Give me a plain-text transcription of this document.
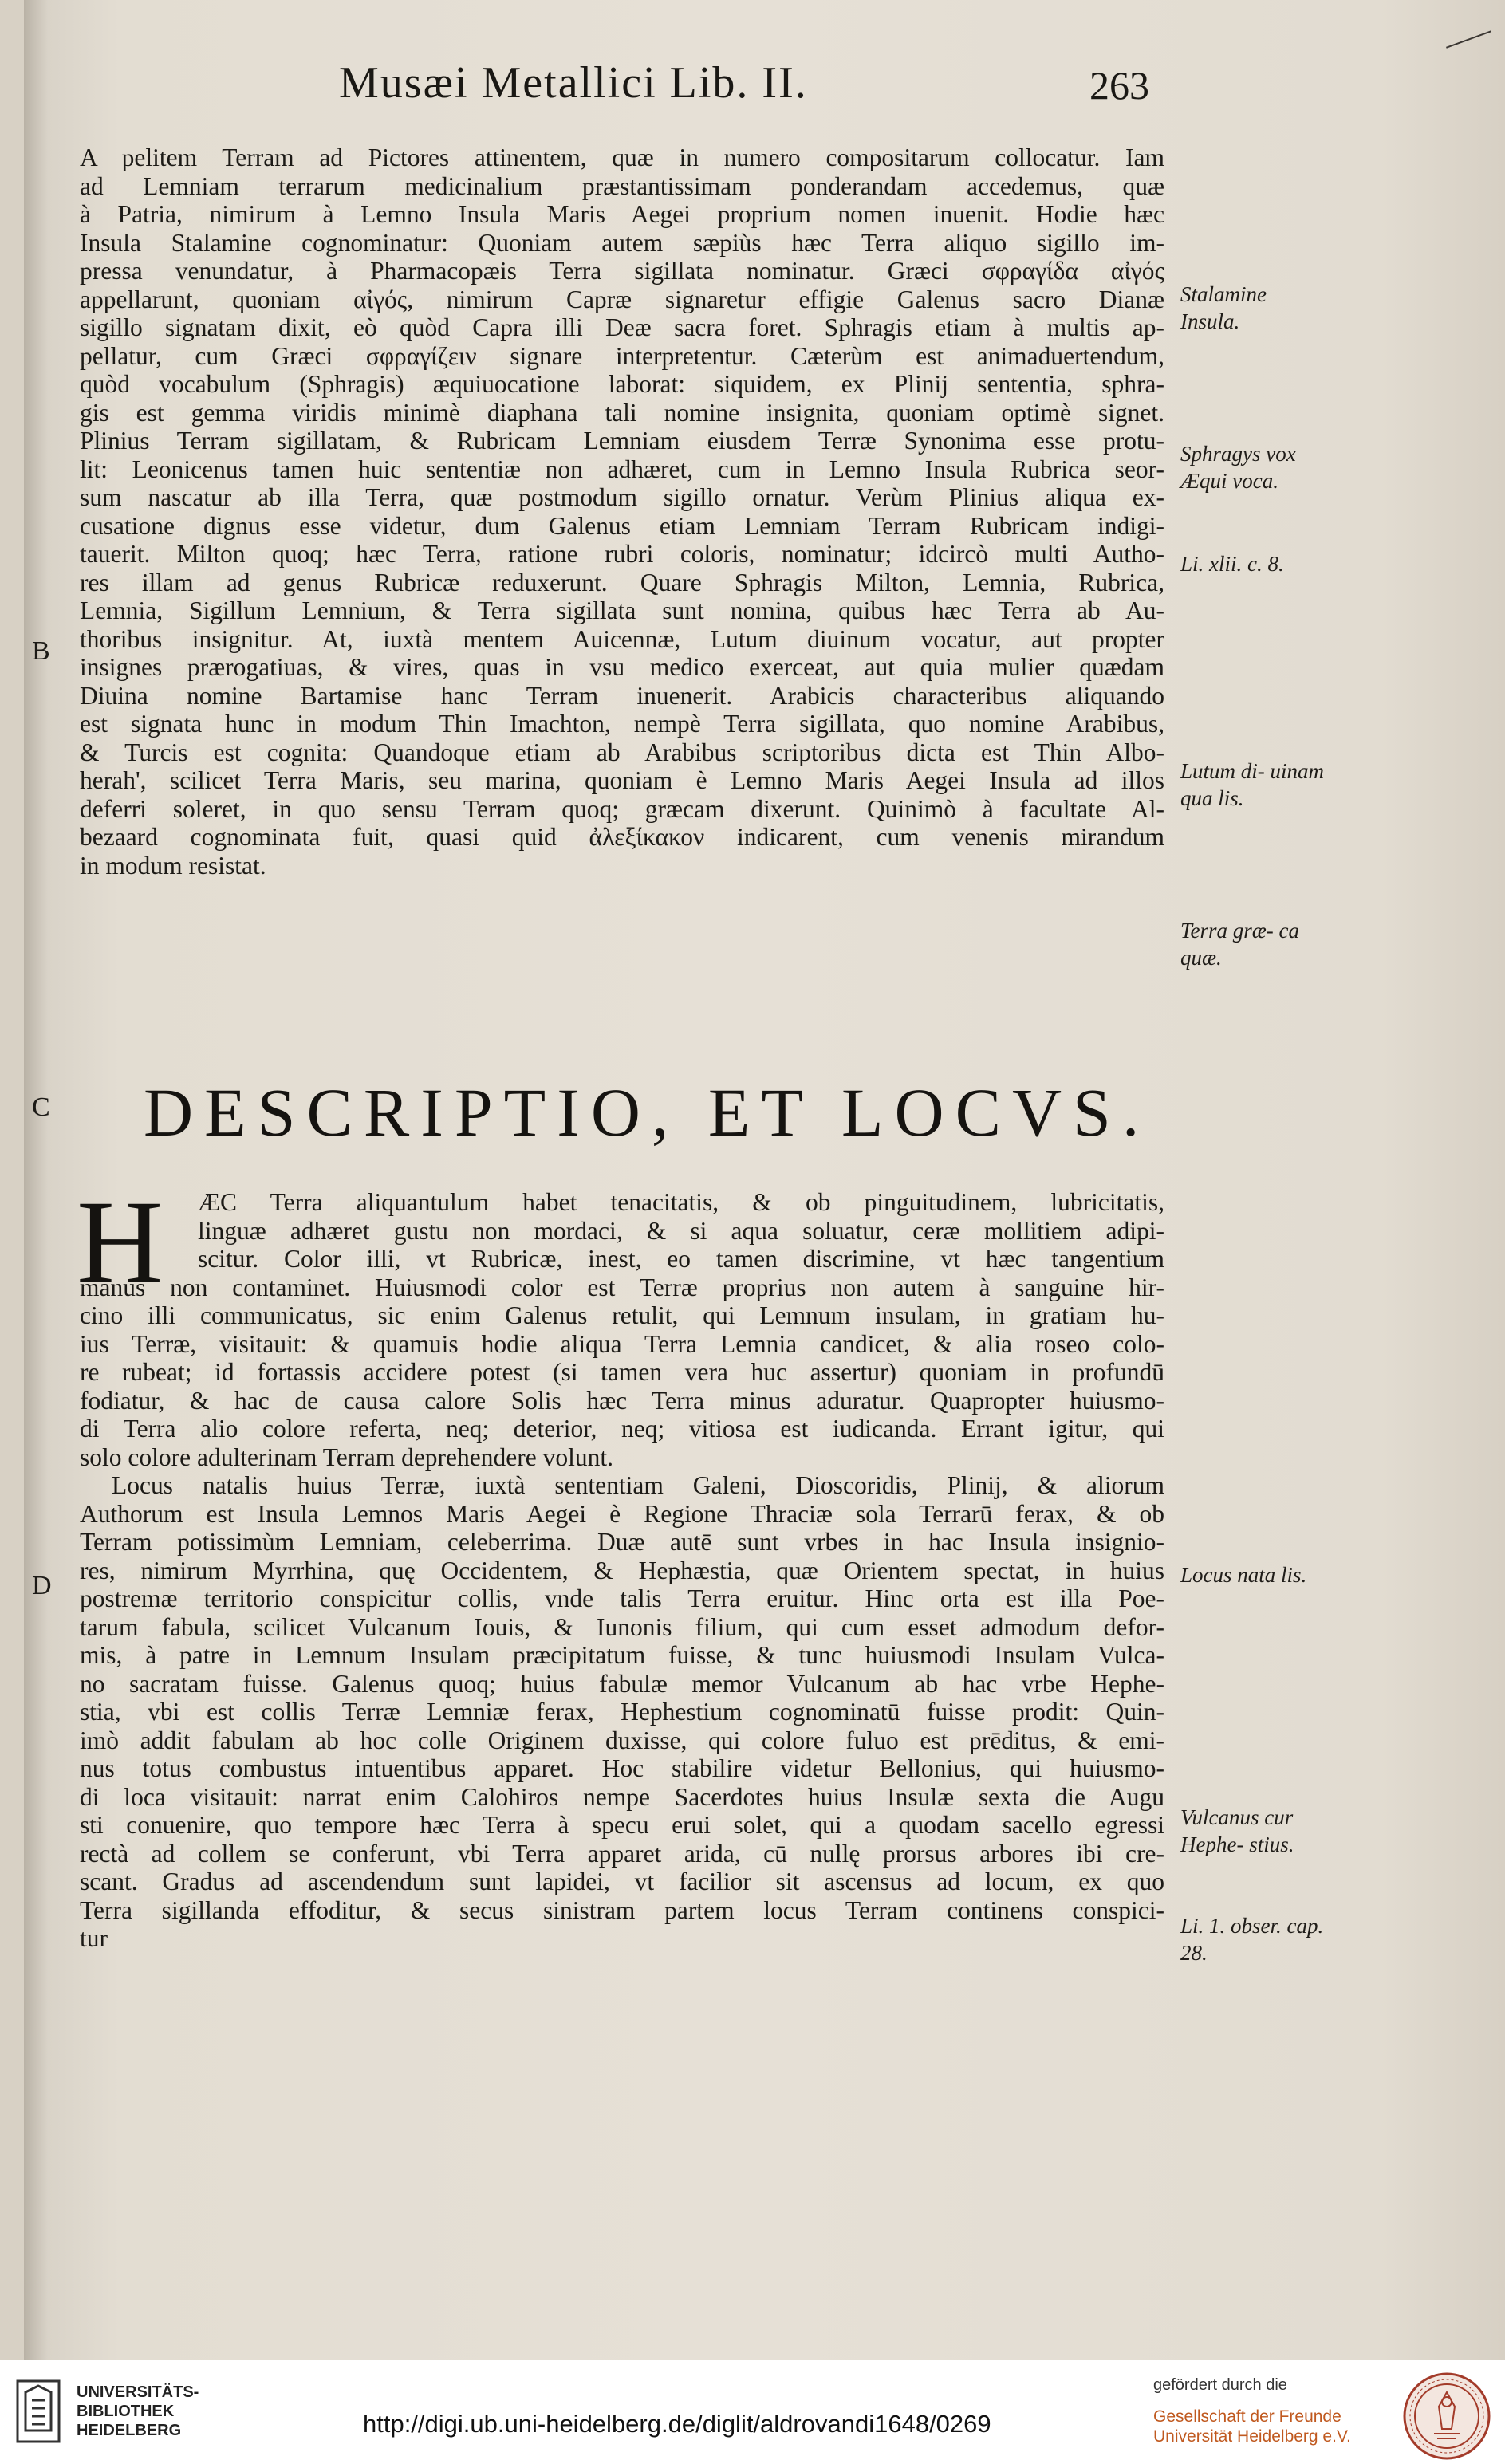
Musæi Metallici Lib. II.	263
A pelitem Terram ad Pictores attinentem, quæ in numero compositarum collocatur. Iam
ad Lemniam terrarum medicinalium præstantissimam ponderandam accedemus, quæ
à Patria, nimirum à Lemno Insula Maris Aegei proprium nomen inuenit. Hodie hæc
Insula Stalamine cognominatur: Quoniam autem sæpiùs hæc Terra aliquo sigillo im-
pressa venundatur, à Pharmacopæis Terra sigillata nominatur. Græci σφραγίδα αἰγός
appellarunt, quoniam αἰγός, nimirum Capræ signaretur effigie Galenus sacro Dianæ
sigillo signatam dixit, eò quòd Capra illi Deæ sacra foret. Sphragis etiam à multis ap-
pellatur, cum Græci σφραγίζειν signare interpretentur. Cæterùm est animaduertendum,
quòd vocabulum (Sphragis) æquiuocatione laborat: siquidem, ex Plinij sententia, sphra-
gis est gemma viridis minimè diaphana tali nomine insignita, quoniam optimè signet.
Plinius Terram sigillatam, & Rubricam Lemniam eiusdem Terræ Synonima esse protu-
lit: Leonicenus tamen huic sententiæ non adhæret, cum in Lemno Insula Rubrica seor-
sum nascatur ab illa Terra, quæ postmodum sigillo ornatur. Verùm Plinius aliqua ex-
cusatione dignus esse videtur, dum Galenus etiam Lemniam Terram Rubricam indigi-
tauerit. Milton quoq; hæc Terra, ratione rubri coloris, nominatur; idcircò multi Autho-
res illam ad genus Rubricæ reduxerunt. Quare Sphragis Milton, Lemnia, Rubrica,
Lemnia, Sigillum Lemnium, & Terra sigillata sunt nomina, quibus hæc Terra ab Au-
thoribus insignitur. At, iuxtà mentem Auicennæ, Lutum diuinum vocatur, aut propter
insignes prærogatiuas, & vires, quas in vsu medico exerceat, aut quia mulier quædam
Diuina nomine Bartamise hanc Terram inuenerit. Arabicis characteribus aliquando
est signata hunc in modum Thin Imachton, nempè Terra sigillata, quo nomine Arabibus,
& Turcis est cognita: Quandoque etiam ab Arabibus scriptoribus dicta est Thin Albo-
herah', scilicet Terra Maris, seu marina, quoniam è Lemno Maris Aegei Insula ad illos
deferri soleret, in quo sensu Terram quoq; græcam dixerunt. Quinimò à facultate Al-
bezaard cognominata fuit, quasi quid ἀλεξίκακον indicarent, cum venenis mirandum
in modum resistat.
B
C
D
DESCRIPTIO, ET LOCVS.
H	ÆC Terra aliquantulum habet tenacitatis, & ob pinguitudinem, lubricitatis,
linguæ adhæret gustu non mordaci, & si aqua soluatur, ceræ mollitiem adipi-
scitur. Color illi, vt Rubricæ, inest, eo tamen discrimine, vt hæc tangentium
manus non contaminet. Huiusmodi color est Terræ proprius non autem à sanguine hir-
cino illi communicatus, sic enim Galenus retulit, qui Lemnum insulam, in gratiam hu-
ius Terræ, visitauit: & quamuis hodie aliqua Terra Lemnia candicet, & alia roseo colo-
re rubeat; id fortassis accidere potest (si tamen vera huc assertur) quoniam in profundū
fodiatur, & hac de causa calore Solis hæc Terra minus aduratur. Quapropter huiusmo-
di Terra alio colore referta, neq; deterior, neq; vitiosa est iudicanda. Errant igitur, qui
solo colore adulterinam Terram deprehendere volunt.
Locus natalis huius Terræ, iuxtà sententiam Galeni, Dioscoridis, Plinij, & aliorum
Authorum est Insula Lemnos Maris Aegei è Regione Thraciæ sola Terrarū ferax, & ob
Terram potissimùm Lemniam, celeberrima. Duæ autē sunt vrbes in hac Insula insignio-
res, nimirum Myrrhina, quę Occidentem, & Hephæstia, quæ Orientem spectat, in huius
postremæ territorio conspicitur collis, vnde talis Terra eruitur. Hinc orta est illa Poe-
tarum fabula, scilicet Vulcanum Iouis, & Iunonis filium, qui cum esset admodum defor-
mis, à patre in Lemnum Insulam præcipitatum fuisse, & tunc huiusmodi Insulam Vulca-
no sacratam fuisse. Galenus quoq; huius fabulæ memor Vulcanum ab hac vrbe Hephe-
stia, vbi est collis Terræ Lemniæ ferax, Hephestium cognominatū fuisse prodit: Quin-
imò addit fabulam ab hoc colle Originem duxisse, qui colore fuluo est prēditus, & emi-
nus totus combustus intuentibus apparet. Hoc stabilire videtur Bellonius, qui huiusmo-
di loca visitauit: narrat enim Calohiros nempe Sacerdotes huius Insulæ sexta die Augu
sti conuenire, quo tempore hæc Terra à specu erui solet, qui a quodam sacello egressi
rectà ad collem se conferunt, vbi Terra apparet arida, cū nullę prorsus arbores ibi cre-
scant. Gradus ad ascendendum sunt lapidei, vt facilior sit ascensus ad locum, ex quo
Terra sigillanda effoditur, & secus sinistram partem locus Terram continens conspici-
tur
Stalamine Insula.
Sphragys vox Æqui voca.
Li. xlii. c. 8.
Lutum di- uinam qua lis.
Terra græ- ca quæ.
Locus nata lis.
Vulcanus cur Hephe- stius.
Li. 1. obser. cap. 28.
UNIVERSITÄTS-
BIBLIOTHEK
HEIDELBERG	http://digi.ub.uni-heidelberg.de/diglit/aldrovandi1648/0269
gefördert durch die
Gesellschaft der Freunde
Universität Heidelberg e.V.
